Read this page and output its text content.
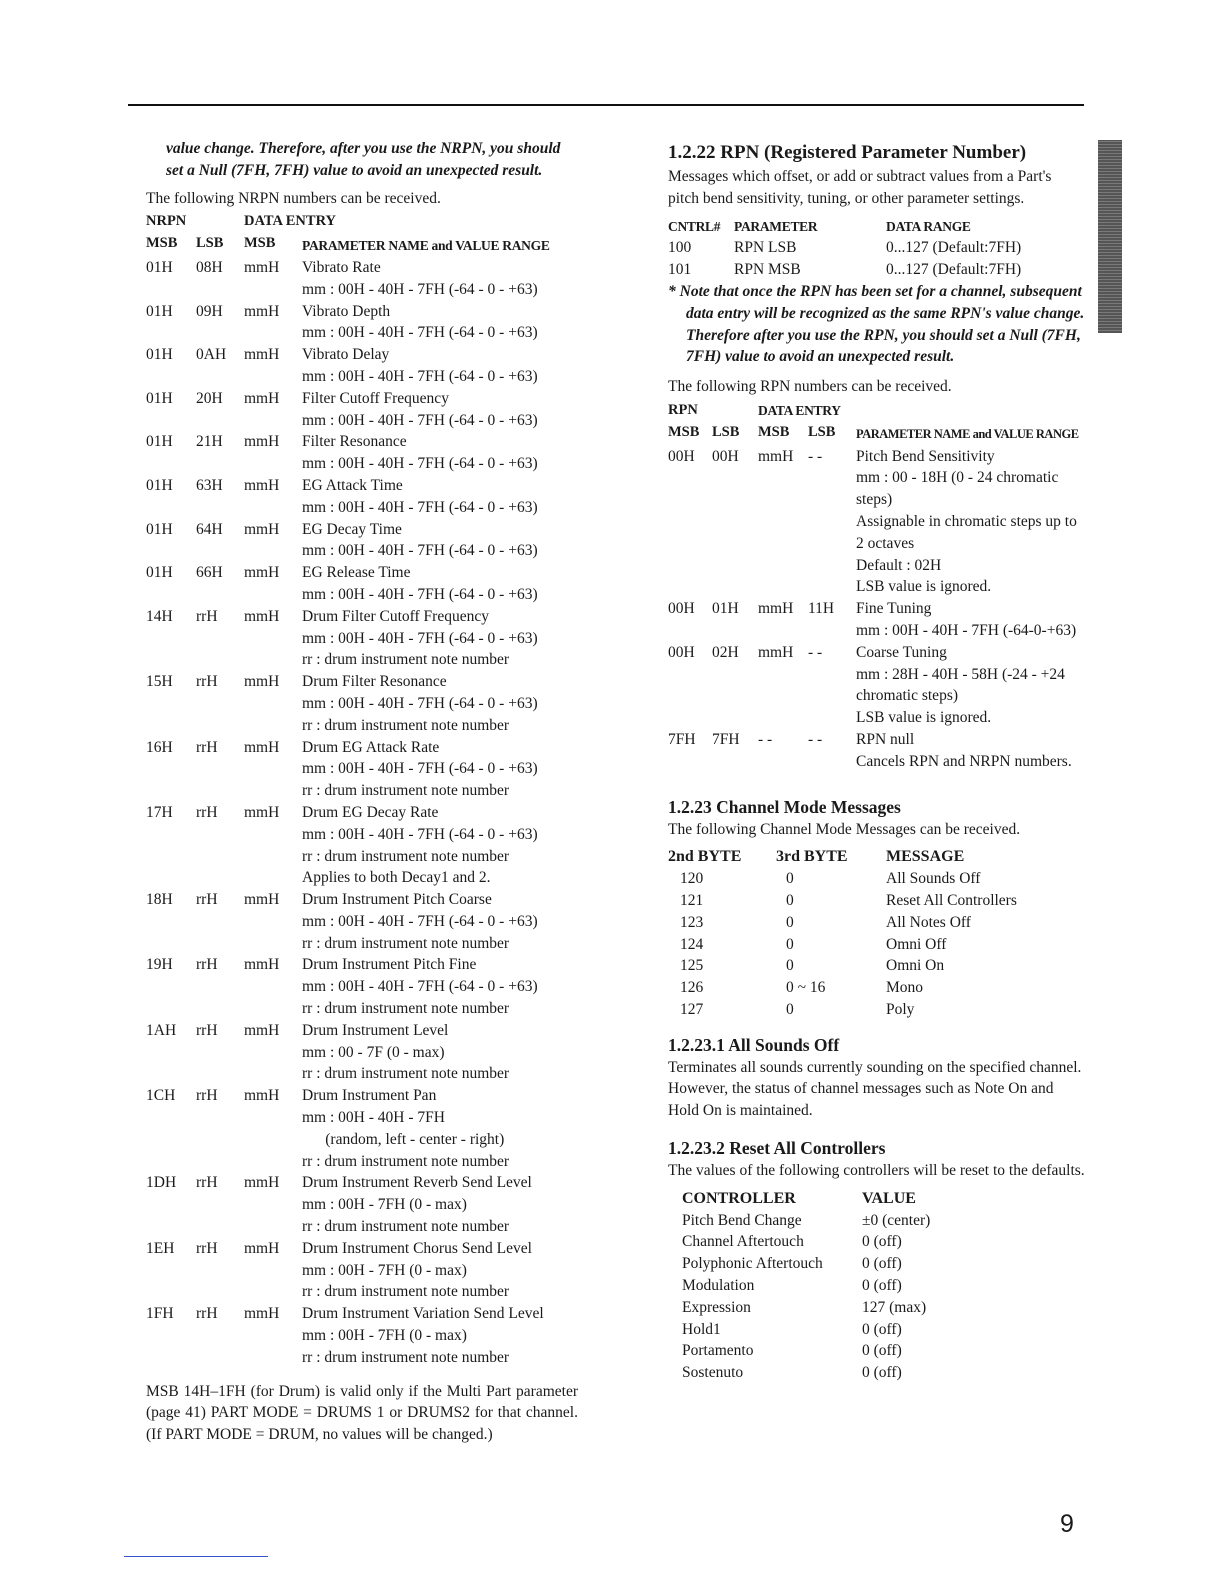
value change. Therefore, after you use the NRPN, you should set a Null (7FH, 7FH) value to avoid an unexpected result.

The following NRPN numbers can be received.

NRPN		DATA ENTRY	
MSB	LSB	MSB	PARAMETER NAME and VALUE RANGE
01H	08H	mmH	Vibrato Rate
mm : 00H - 40H - 7FH (-64 - 0 - +63)

01H	09H	mmH	Vibrato Depth
mm : 00H - 40H - 7FH (-64 - 0 - +63)

01H	0AH	mmH	Vibrato Delay
mm : 00H - 40H - 7FH (-64 - 0 - +63)

01H	20H	mmH	Filter Cutoff Frequency
mm : 00H - 40H - 7FH (-64 - 0 - +63)

01H	21H	mmH	Filter Resonance
mm : 00H - 40H - 7FH (-64 - 0 - +63)

01H	63H	mmH	EG Attack Time
mm : 00H - 40H - 7FH (-64 - 0 - +63)

01H	64H	mmH	EG Decay Time
mm : 00H - 40H - 7FH (-64 - 0 - +63)

01H	66H	mmH	EG Release Time
mm : 00H - 40H - 7FH (-64 - 0 - +63)

14H	rrH	mmH	Drum Filter Cutoff Frequency
mm : 00H - 40H - 7FH (-64 - 0 - +63)
rr : drum instrument note number

15H	rrH	mmH	Drum Filter Resonance
mm : 00H - 40H - 7FH (-64 - 0 - +63)
rr : drum instrument note number

16H	rrH	mmH	Drum EG Attack Rate
mm : 00H - 40H - 7FH (-64 - 0 - +63)
rr : drum instrument note number

17H	rrH	mmH	Drum EG Decay Rate
mm : 00H - 40H - 7FH (-64 - 0 - +63)
rr : drum instrument note number
Applies to both Decay1 and 2.

18H	rrH	mmH	Drum Instrument Pitch Coarse
mm : 00H - 40H - 7FH (-64 - 0 - +63)
rr : drum instrument note number

19H	rrH	mmH	Drum Instrument Pitch Fine
mm : 00H - 40H - 7FH (-64 - 0 - +63)
rr : drum instrument note number

1AH	rrH	mmH	Drum Instrument Level
mm : 00 - 7F (0 - max)
rr : drum instrument note number

1CH	rrH	mmH	Drum Instrument Pan
mm : 00H - 40H - 7FH
(random, left - center - right)
rr : drum instrument note number

1DH	rrH	mmH	Drum Instrument Reverb Send Level
mm : 00H - 7FH (0 - max)
rr : drum instrument note number

1EH	rrH	mmH	Drum Instrument Chorus Send Level
mm : 00H - 7FH (0 - max)
rr : drum instrument note number

1FH	rrH	mmH	Drum Instrument Variation Send Level
mm : 00H - 7FH (0 - max)
rr : drum instrument note number

MSB 14H–1FH (for Drum) is valid only if the Multi Part parameter (page 41) PART MODE = DRUMS 1 or DRUMS2 for that channel. (If PART MODE = DRUM, no values will be changed.)

1.2.22 RPN (Registered Parameter Number)

Messages which offset, or add or subtract values from a Part's pitch bend sensitivity, tuning, or other parameter settings.

CNTRL#	PARAMETER	DATA RANGE
100	RPN LSB	0...127 (Default:7FH)
101	RPN MSB	0...127 (Default:7FH)

* Note that once the RPN has been set for a channel, subsequent data entry will be recognized as the same RPN's value change. Therefore after you use the RPN, you should set a Null (7FH, 7FH) value to avoid an unexpected result.

The following RPN numbers can be received.

RPN		DATA ENTRY		
MSB	LSB	MSB	LSB	PARAMETER NAME and VALUE RANGE
00H	00H	mmH	- -	Pitch Bend Sensitivity
mm : 00 - 18H (0 - 24 chromatic steps)
Assignable in chromatic steps up to 2 octaves
Default : 02H
LSB value is ignored.

00H	01H	mmH	11H	Fine Tuning
mm : 00H - 40H - 7FH (-64-0-+63)

00H	02H	mmH	- -	Coarse Tuning
mm : 28H - 40H - 58H (-24 - +24 chromatic steps)
LSB value is ignored.

7FH	7FH	- -	- -	RPN null
Cancels RPN and NRPN numbers.

1.2.23 Channel Mode Messages

The following Channel Mode Messages can be received.

2nd BYTE	3rd BYTE	MESSAGE
120	0	All Sounds Off
121	0	Reset All Controllers
123	0	All Notes Off
124	0	Omni Off
125	0	Omni On
126	0 ~ 16	Mono
127	0	Poly

1.2.23.1 All Sounds Off

Terminates all sounds currently sounding on the specified channel. However, the status of channel messages such as Note On and Hold On is maintained.

1.2.23.2 Reset All Controllers

The values of the following controllers will be reset to the defaults.

CONTROLLER	VALUE
Pitch Bend Change	±0 (center)
Channel Aftertouch	0 (off)
Polyphonic Aftertouch	0 (off)
Modulation	0 (off)
Expression	127 (max)
Hold1	0 (off)
Portamento	0 (off)
Sostenuto	0 (off)
9
